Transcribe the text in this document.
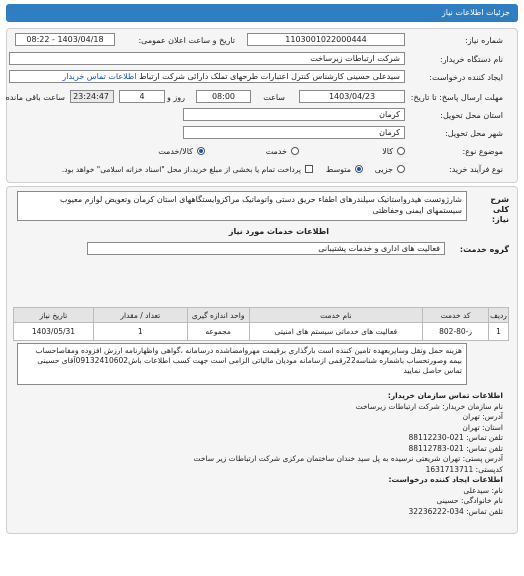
جزئیات اطلاعات نیاز
شماره نیاز:
1103001022000444
تاریخ و ساعت اعلان عمومی:
1403/04/18 - 08:22
نام دستگاه خریدار:
شرکت ارتباطات زیرساخت
ایجاد کننده درخواست:
سیدعلی حسینی کارشناس کنترل اعتبارات طرحهای تملک دارائی شرکت ارتباط اطلاعات تماس خریدار
مهلت ارسال پاسخ: تا تاریخ:
1403/04/23
ساعت
08:00
4	روز و
23:24:47
ساعت باقی مانده
استان محل تحویل:
کرمان
شهر محل تحویل:
کرمان
موضوع نوع:
کالا
خدمت
کالا/خدمت
نوع فرآیند خرید:
جزیی
متوسط
پرداخت تمام یا بخشی از مبلغ خرید،از محل "اسناد خزانه اسلامی" خواهد بود.
شرح کلی نیاز:
شارژوتست هیدرواستاتیک سیلندرهای اطفاء حریق دستی واتوماتیک مراکزوایستگاههای استان کرمان وتعویض لوازم معیوب سیستمهای ایمنی وحفاظتی
اطلاعات خدمات مورد نیاز
گروه خدمت:
فعالیت های اداری و خدمات پشتیبانی
ردیف	کد خدمت	نام خدمت	واحد اندازه گیری	تعداد / مقدار	تاریخ نیاز
1	ز-80-802	فعالیت های خدماتی سیستم های امنیتی	مجموعه	1	1403/05/31
هزینه حمل ونقل وسایربعهده تامین کننده است بارگذاری برقیمت مهروامضاشده درسامانه ،گواهی واظهارنامه ارزش افزوده ومفاصاحساب بیمه وصورتحساب باشماره شناسه22رقمی ازسامانه مودیان مالیاتی الزامی است جهت کسب اطلاعات باش09132410602آقای حسینی تماس حاصل نمایید
اطلاعات تماس سازمان خریدار:
نام سازمان خریدار: شرکت ارتباطات زیرساخت
آدرس: تهران
استان: تهران
تلفن تماس: 021-88112230
تلفن تماس: 021-88112783
آدرس پستی: تهران شریعتی نرسیده به پل سید خندان ساختمان مرکزی شرکت ارتباطات زیر ساخت
کدپستی: 1631713711
اطلاعات ایجاد کننده درخواست:
نام: سیدعلی
نام خانوادگی: حسینی
تلفن تماس: 034-32236222
